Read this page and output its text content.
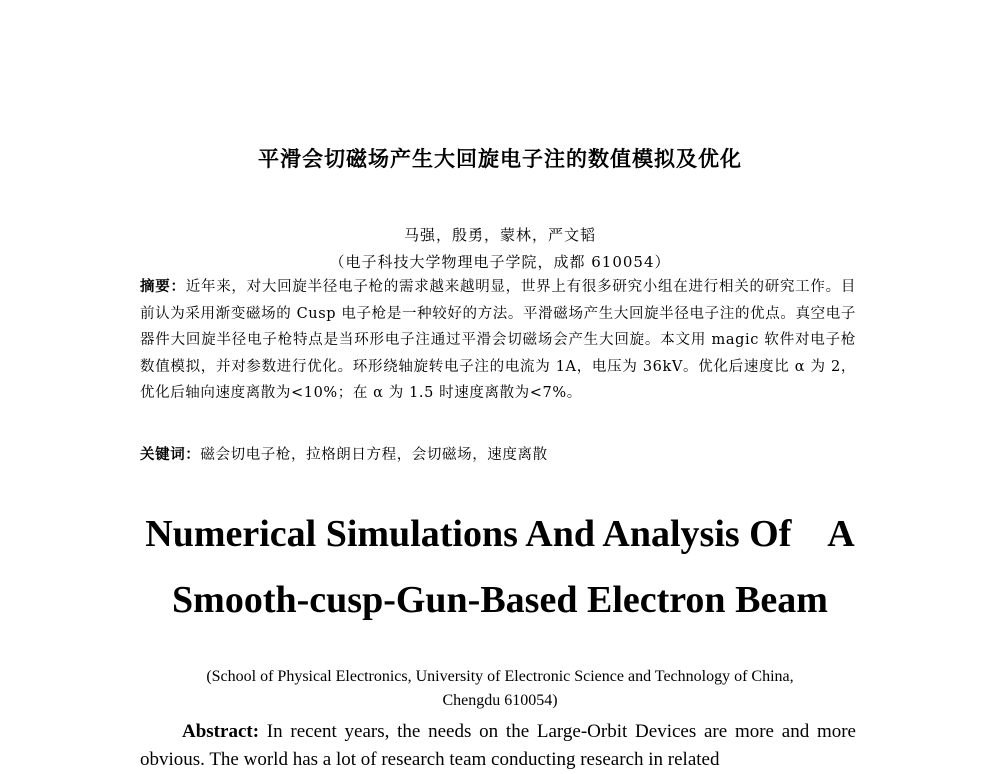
平滑会切磁场产生大回旋电子注的数值模拟及优化
马强，殷勇，蒙林，严文韬
（电子科技大学物理电子学院，成都 610054）
摘要：近年来，对大回旋半径电子枪的需求越来越明显，世界上有很多研究小组在进行相关的研究工作。目前认为采用渐变磁场的 Cusp 电子枪是一种较好的方法。平滑磁场产生大回旋半径电子注的优点。真空电子器件大回旋半径电子枪特点是当环形电子注通过平滑会切磁场会产生大回旋。本文用 magic 软件对电子枪数值模拟，并对参数进行优化。环形绕轴旋转电子注的电流为 1A，电压为 36kV。优化后速度比 α 为 2，优化后轴向速度离散为<10%；在 α 为 1.5 时速度离散为<7%。
关键词：磁会切电子枪，拉格朗日方程，会切磁场，速度离散
Numerical Simulations And Analysis Of    A
Smooth-cusp-Gun-Based Electron Beam
(School of Physical Electronics, University of Electronic Science and Technology of China,
Chengdu 610054)
Abstract: In recent years, the needs on the Large-Orbit Devices are more and more obvious. The world has a lot of research team conducting research in related
